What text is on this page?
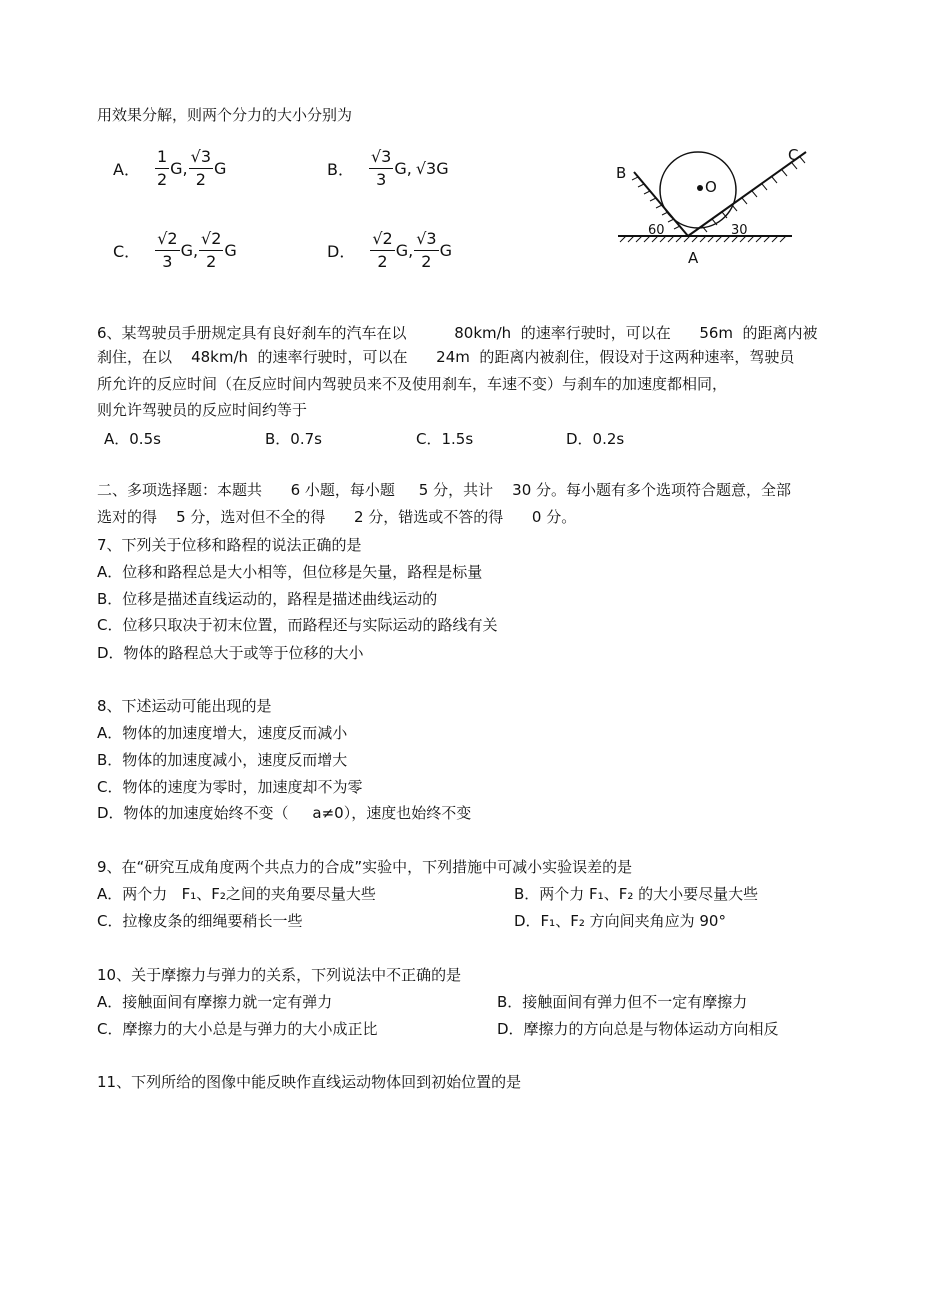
用效果分解，则两个分力的大小分别为
A． $\frac{1}{2} G$, $\frac{√3}{2}$ G	B． $\frac{√3}{3} G$, √3G
C． $\frac{√2}{3} G$, $\frac{√2}{2}$ G	D． $\frac{√2}{2} G$, $\frac{√3}{2}$ G
B
C
O
A
60	30
6、某驾驶员手册规定具有良好刹车的汽车在以          80km/h  的速率行驶时，可以在      56m  的距离内被
刹住，在以    48km/h  的速率行驶时，可以在      24m  的距离内被刹住，假设对于这两种速率，驾驶员
所允许的反应时间（在反应时间内驾驶员来不及使用刹车，车速不变）与刹车的加速度都相同，
则允许驾驶员的反应时间约等于
A．0.5s	B．0.7s	C．1.5s	D．0.2s
二、多项选择题：本题共      6 小题，每小题     5 分，共计    30 分。每小题有多个选项符合题意，全部
选对的得    5 分，选对但不全的得      2 分，错选或不答的得      0 分。
7、下列关于位移和路程的说法正确的是
A．位移和路程总是大小相等，但位移是矢量，路程是标量
B．位移是描述直线运动的，路程是描述曲线运动的
C．位移只取决于初末位置，而路程还与实际运动的路线有关
D．物体的路程总大于或等于位移的大小
8、下述运动可能出现的是
A．物体的加速度增大，速度反而减小
B．物体的加速度减小，速度反而增大
C．物体的速度为零时，加速度却不为零
D．物体的加速度始终不变（     a≠0），速度也始终不变
9、在“研究互成角度两个共点力的合成”实验中，下列措施中可减小实验误差的是
A．两个力   F₁、F₂之间的夹角要尽量大些	B．两个力 F₁、F₂ 的大小要尽量大些
C．拉橡皮条的细绳要稍长一些	D．F₁、F₂ 方向间夹角应为 90°
10、关于摩擦力与弹力的关系，下列说法中不正确的是
A．接触面间有摩擦力就一定有弹力	B．接触面间有弹力但不一定有摩擦力
C．摩擦力的大小总是与弹力的大小成正比	D．摩擦力的方向总是与物体运动方向相反
11、下列所给的图像中能反映作直线运动物体回到初始位置的是
